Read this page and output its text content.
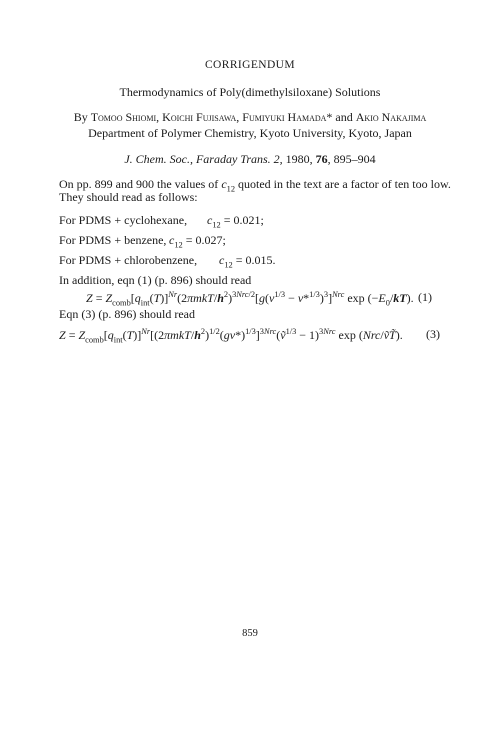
CORRIGENDUM
Thermodynamics of Poly(dimethylsiloxane) Solutions
By Tomoo Shiomi, Koichi Fujisawa, Fumiyuki Hamada* and Akio Nakajima
Department of Polymer Chemistry, Kyoto University, Kyoto, Japan
J. Chem. Soc., Faraday Trans. 2, 1980, 76, 895–904
On pp. 899 and 900 the values of $c_{12}$ quoted in the text are a factor of ten too low.
They should read as follows:
For PDMS + cyclohexane, $c_{12} = 0.021$;
For PDMS + benzene, $c_{12} = 0.027$;
For PDMS + chlorobenzene, $c_{12} = 0.015$.
In addition, eqn (1) (p. 896) should read
$Z = Z_{comb}[q_{int}(T)]^{Nr}(2\pi mkT/h^2)^{3Nrc/2}[g(v^{1/3} - v*^{1/3})^3]^{Nrc}$ $\exp (-E_0/kT)$. (1)
Eqn (3) (p. 896) should read
$Z = Z_{comb}[q_{int}(T)]^{Nr}[(2\pi mkT/h^2)^{1/2}(gv*)^{1/3}]^{3Nrc}(ṽ^{1/3} - 1)^{3Nrc}$ exp (Nrc/ṽT̃). (3)
859
